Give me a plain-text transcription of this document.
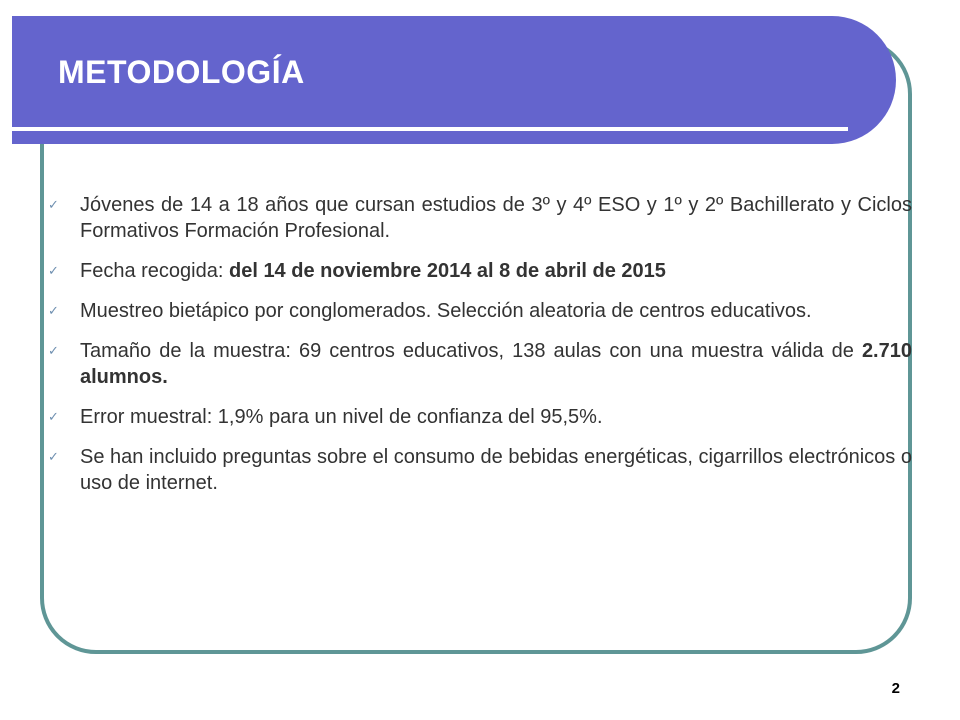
METODOLOGÍA
✓ Jóvenes de 14 a 18 años que cursan estudios de 3º y 4º ESO y 1º y 2º Bachillerato y Ciclos Formativos Formación Profesional.
✓ Fecha recogida: del 14 de noviembre 2014 al 8 de abril de 2015
✓ Muestreo bietápico por conglomerados. Selección aleatoria de centros educativos.
✓ Tamaño de la muestra: 69 centros educativos, 138 aulas con una muestra válida de 2.710 alumnos.
✓ Error muestral: 1,9% para un nivel de confianza del 95,5%.
✓ Se han incluido preguntas sobre el consumo de bebidas energéticas, cigarrillos electrónicos o uso de internet.
2
